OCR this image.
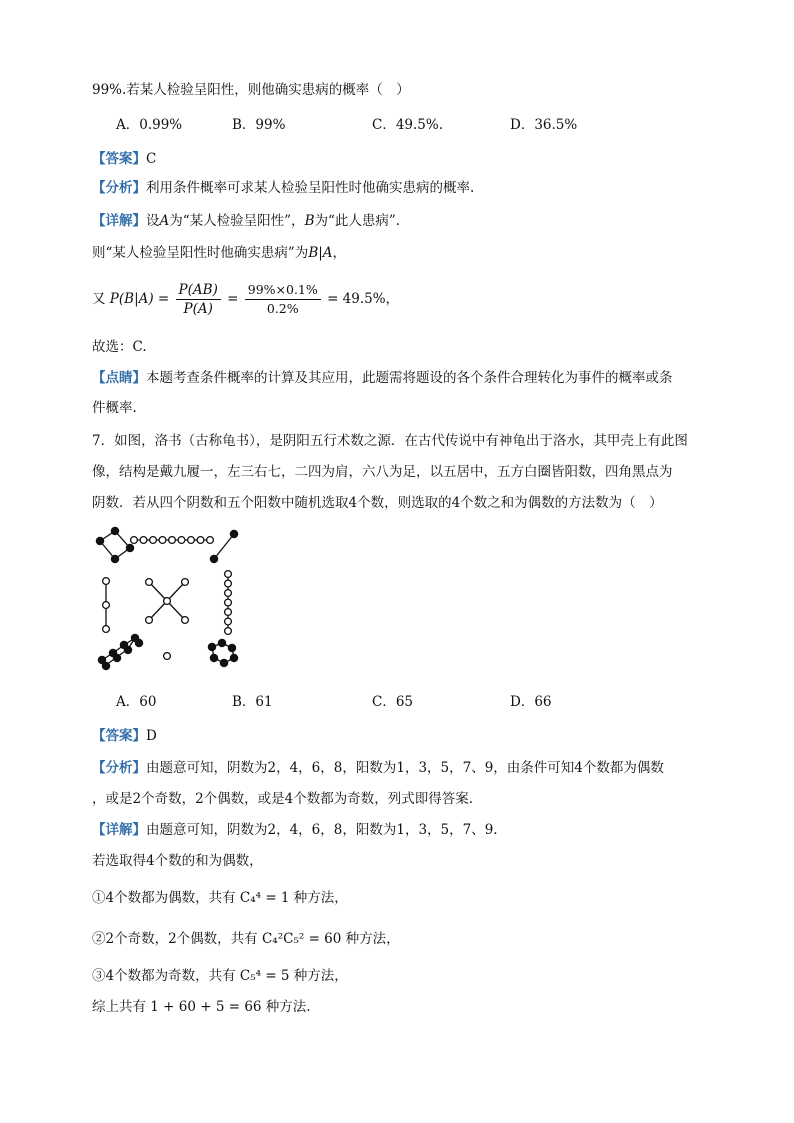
99%.若某人检验呈阳性，则他确实患病的概率（　）
A．0.99%	B．99%	C．49.5%.	D．36.5%
【答案】C
【分析】利用条件概率可求某人检验呈阳性时他确实患病的概率.
【详解】设A为“某人检验呈阳性”，B为“此人患病”.
则“某人检验呈阳性时他确实患病”为B|A，
又 $P(B|A) = \frac{P(AB)}{P(A)} = \frac{99\%\times 0.1\%}{0.2\%} = 49.5\%$，
故选：C.
【点睛】本题考查条件概率的计算及其应用，此题需将题设的各个条件合理转化为事件的概率或条
件概率.
7．如图，洛书（古称龟书），是阴阳五行术数之源．在古代传说中有神龟出于洛水，其甲壳上有此图
像，结构是戴九履一，左三右七，二四为肩，六八为足，以五居中，五方白圈皆阳数，四角黑点为
阴数．若从四个阴数和五个阳数中随机选取4个数，则选取的4个数之和为偶数的方法数为（　）
A．60	B．61	C．65	D．66
【答案】D
【分析】由题意可知，阴数为2，4，6，8，阳数为1，3，5，7、9，由条件可知4个数都为偶数
，或是2个奇数，2个偶数，或是4个数都为奇数，列式即得答案.
【详解】由题意可知，阴数为2，4，6，8，阳数为1，3，5，7、9.
若选取得4个数的和为偶数，
①4个数都为偶数，共有 C₄⁴ = 1 种方法，
②2个奇数，2个偶数，共有 C₄²C₅² = 60 种方法，
③4个数都为奇数，共有 C₅⁴ = 5 种方法，
综上共有 1 + 60 + 5 = 66 种方法.
